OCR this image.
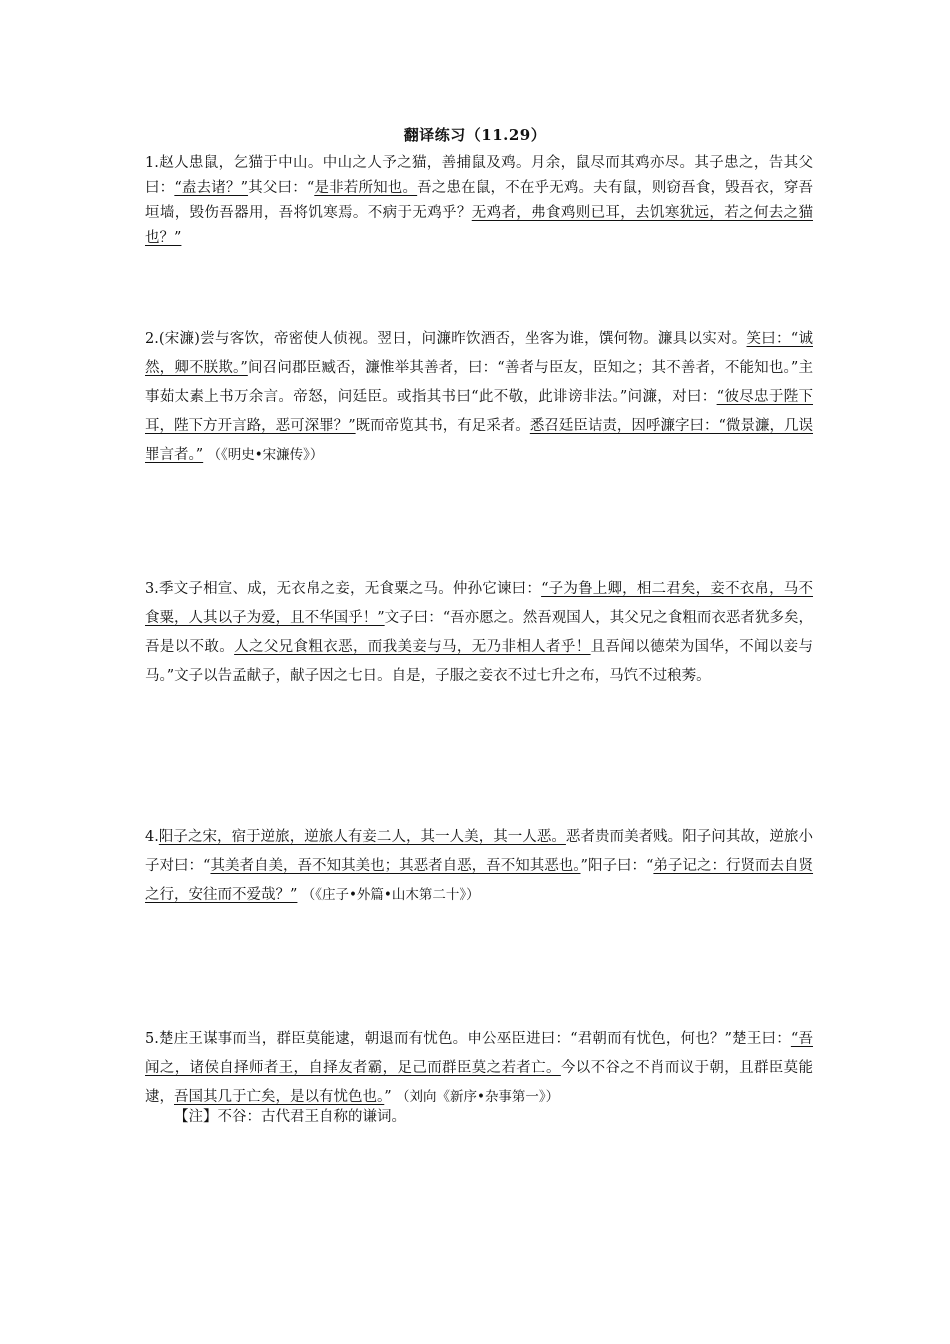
翻译练习（11.29）
1.赵人患鼠，乞猫于中山。中山之人予之猫，善捕鼠及鸡。月余，鼠尽而其鸡亦尽。其子患之，告其父曰：“盍去诸？”其父曰：“是非若所知也。吾之患在鼠，不在乎无鸡。夫有鼠，则窃吾食，毁吾衣，穿吾垣墙，毁伤吾器用，吾将饥寒焉。不病于无鸡乎？无鸡者，弗食鸡则已耳，去饥寒犹远，若之何去之猫也？”
2.(宋濂)尝与客饮，帝密使人侦视。翌日，问濂昨饮酒否，坐客为谁，馔何物。濂具以实对。笑曰：“诚然，卿不朕欺。”间召问郡臣臧否，濂惟举其善者，曰：“善者与臣友，臣知之；其不善者，不能知也。”主事茹太素上书万余言。帝怒，问廷臣。或指其书曰“此不敬，此诽谤非法。”问濂，对曰：“彼尽忠于陛下耳，陛下方开言路，恶可深罪？”既而帝览其书，有足采者。悉召廷臣诘责，因呼濂字曰：“微景濂，几误罪言者。” （《明史•宋濂传》）
3.季文子相宣、成，无衣帛之妾，无食粟之马。仲孙它谏曰：“子为鲁上卿，相二君矣，妾不衣帛，马不食粟，人其以子为爱，且不华国乎！”文子曰：“吾亦愿之。然吾观国人，其父兄之食粗而衣恶者犹多矣，吾是以不敢。人之父兄食粗衣恶，而我美妾与马，无乃非相人者乎！且吾闻以德荣为国华，不闻以妾与马。”文子以告孟献子，献子因之七日。自是，子服之妾衣不过七升之布，马饩不过稂莠。
4.阳子之宋，宿于逆旅，逆旅人有妾二人，其一人美，其一人恶。恶者贵而美者贱。阳子问其故，逆旅小子对曰：“其美者自美，吾不知其美也；其恶者自恶，吾不知其恶也。”阳子曰：“弟子记之：行贤而去自贤之行，安往而不爱哉？” （《庄子•外篇•山木第二十》）
5.楚庄王谋事而当，群臣莫能逮，朝退而有忧色。申公巫臣进曰：“君朝而有忧色，何也？”楚王曰：“吾闻之，诸侯自择师者王，自择友者霸，足己而群臣莫之若者亡。今以不谷之不肖而议于朝，且群臣莫能逮，吾国其几于亡矣，是以有忧色也。” （刘向《新序•杂事第一》）
【注】不谷：古代君王自称的谦词。
